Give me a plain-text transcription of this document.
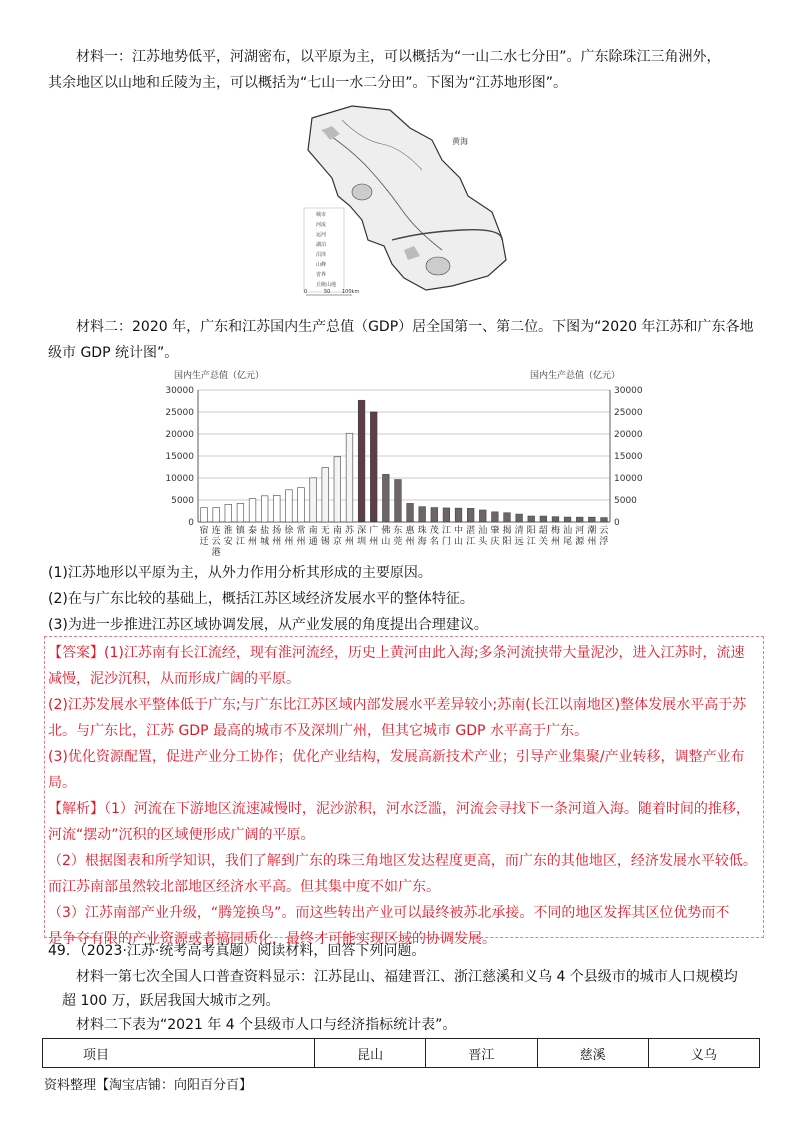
材料一：江苏地势低平，河湖密布，以平原为主，可以概括为“一山二水七分田”。广东除珠江三角洲外，
其余地区以山地和丘陵为主，可以概括为“七山一水二分田”。下图为“江苏地形图”。
黄海
城市
河流
运河
湖泊
沼泽
山峰
省界
丘陵山地
0	50 100km
材料二：2020 年，广东和江苏国内生产总值（GDP）居全国第一、第二位。下图为“2020 年江苏和广东各地
级市 GDP 统计图”。
国内生产总值（亿元）	国内生产总值（亿元）
0	0
5000	5000
10000	10000
15000	15000
20000	20000
25000	25000
30000	30000
宿迁
连云港
淮安
镇江
泰州
盐城
扬州
徐州
常州
南通
无锡
南京
苏州
深圳
广州
佛山
东莞
惠州
珠海
茂名
江门
中山
湛江
汕头
肇庆
揭阳
清远
阳江
韶关
梅州
汕尾
河源
潮州
云浮
(1)江苏地形以平原为主，从外力作用分析其形成的主要原因。
(2)在与广东比较的基础上，概括江苏区域经济发展水平的整体特征。
(3)为进一步推进江苏区域协调发展，从产业发展的角度提出合理建议。
【答案】(1)江苏南有长江流经，现有淮河流经，历史上黄河由此入海;多条河流挟带大量泥沙，进入江苏时，流速
减慢，泥沙沉积，从而形成广阔的平原。
(2)江苏发展水平整体低于广东;与广东比江苏区域内部发展水平差异较小;苏南(长江以南地区)整体发展水平高于苏
北。与广东比，江苏 GDP 最高的城市不及深圳广州，但其它城市 GDP 水平高于广东。
(3)优化资源配置，促进产业分工协作；优化产业结构，发展高新技术产业；引导产业集聚/产业转移，调整产业布
局。
【解析】（1）河流在下游地区流速减慢时，泥沙淤积，河水泛滥，河流会寻找下一条河道入海。随着时间的推移，
河流“摆动”沉积的区域便形成广阔的平原。
（2）根据图表和所学知识，我们了解到广东的珠三角地区发达程度更高，而广东的其他地区，经济发展水平较低。
而江苏南部虽然较北部地区经济水平高。但其集中度不如广东。
（3）江苏南部产业升级，“腾笼换鸟”。而这些转出产业可以最终被苏北承接。不同的地区发挥其区位优势而不
是争夺有限的产业资源或者搞同质化，最终才可能实现区域的协调发展。
49．（2023·江苏·统考高考真题）阅读材料，回答下列问题。
材料一第七次全国人口普查资料显示：江苏昆山、福建晋江、浙江慈溪和义乌 4 个县级市的城市人口规模均
超 100 万，跃居我国大城市之列。
材料二下表为“2021 年 4 个县级市人口与经济指标统计表”。
项目	昆山	晋江	慈溪	义乌
资料整理【淘宝店铺：向阳百分百】
